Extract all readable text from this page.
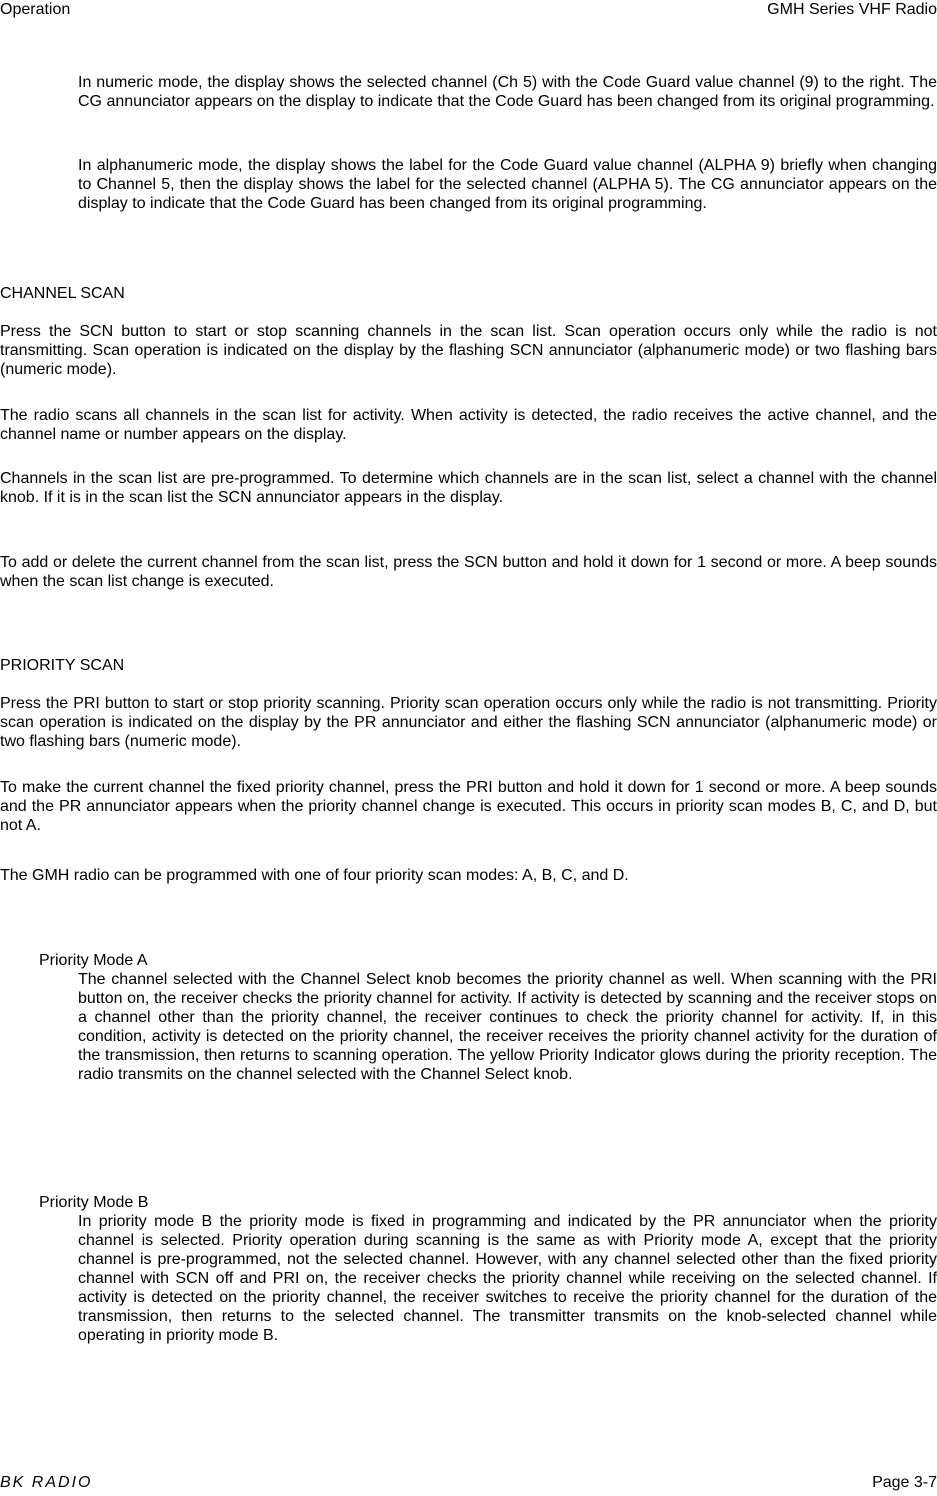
Operation	GMH Series VHF Radio

In numeric mode, the display shows the selected channel (Ch 5) with the Code Guard value channel (9) to the right. The CG annunciator appears on the display to indicate that the Code Guard has been changed from its original programming.

In alphanumeric mode, the display shows the label for the Code Guard value channel (ALPHA 9) briefly when changing to Channel 5, then the display shows the label for the selected channel (ALPHA 5). The CG annunciator appears on the display to indicate that the Code Guard has been changed from its original programming.

CHANNEL SCAN

Press the SCN button to start or stop scanning channels in the scan list. Scan operation occurs only while the radio is not transmitting. Scan operation is indicated on the display by the flashing SCN annunciator (alphanumeric mode) or two flashing bars (numeric mode).

The radio scans all channels in the scan list for activity. When activity is detected, the radio receives the active channel, and the channel name or number appears on the display.

Channels in the scan list are pre-programmed. To determine which channels are in the scan list, select a channel with the channel knob. If it is in the scan list the SCN annunciator appears in the display.

To add or delete the current channel from the scan list, press the SCN button and hold it down for 1 second or more. A beep sounds when the scan list change is executed.

PRIORITY SCAN

Press the PRI button to start or stop priority scanning. Priority scan operation occurs only while the radio is not transmitting. Priority scan operation is indicated on the display by the PR annunciator and either the flashing SCN annunciator (alphanumeric mode) or two flashing bars (numeric mode).

To make the current channel the fixed priority channel, press the PRI button and hold it down for 1 second or more. A beep sounds and the PR annunciator appears when the priority channel change is executed. This occurs in priority scan modes B, C, and D, but not A.

The GMH radio can be programmed with one of four priority scan modes: A, B, C, and D.

Priority Mode A

The channel selected with the Channel Select knob becomes the priority channel as well. When scanning with the PRI button on, the receiver checks the priority channel for activity. If activity is detected by scanning and the receiver stops on a channel other than the priority channel, the receiver continues to check the priority channel for activity. If, in this condition, activity is detected on the priority channel, the receiver receives the priority channel activity for the duration of the transmission, then returns to scanning operation. The yellow Priority Indicator glows during the priority reception. The radio transmits on the channel selected with the Channel Select knob.

Priority Mode B

In priority mode B the priority mode is fixed in programming and indicated by the PR annunciator when the priority channel is selected. Priority operation during scanning is the same as with Priority mode A, except that the priority channel is pre-programmed, not the selected channel. However, with any channel selected other than the fixed priority channel with SCN off and PRI on, the receiver checks the priority channel while receiving on the selected channel. If activity is detected on the priority channel, the receiver switches to receive the priority channel for the duration of the transmission, then returns to the selected channel. The transmitter transmits on the knob-selected channel while operating in priority mode B.

BK RADIO	Page 3-7
